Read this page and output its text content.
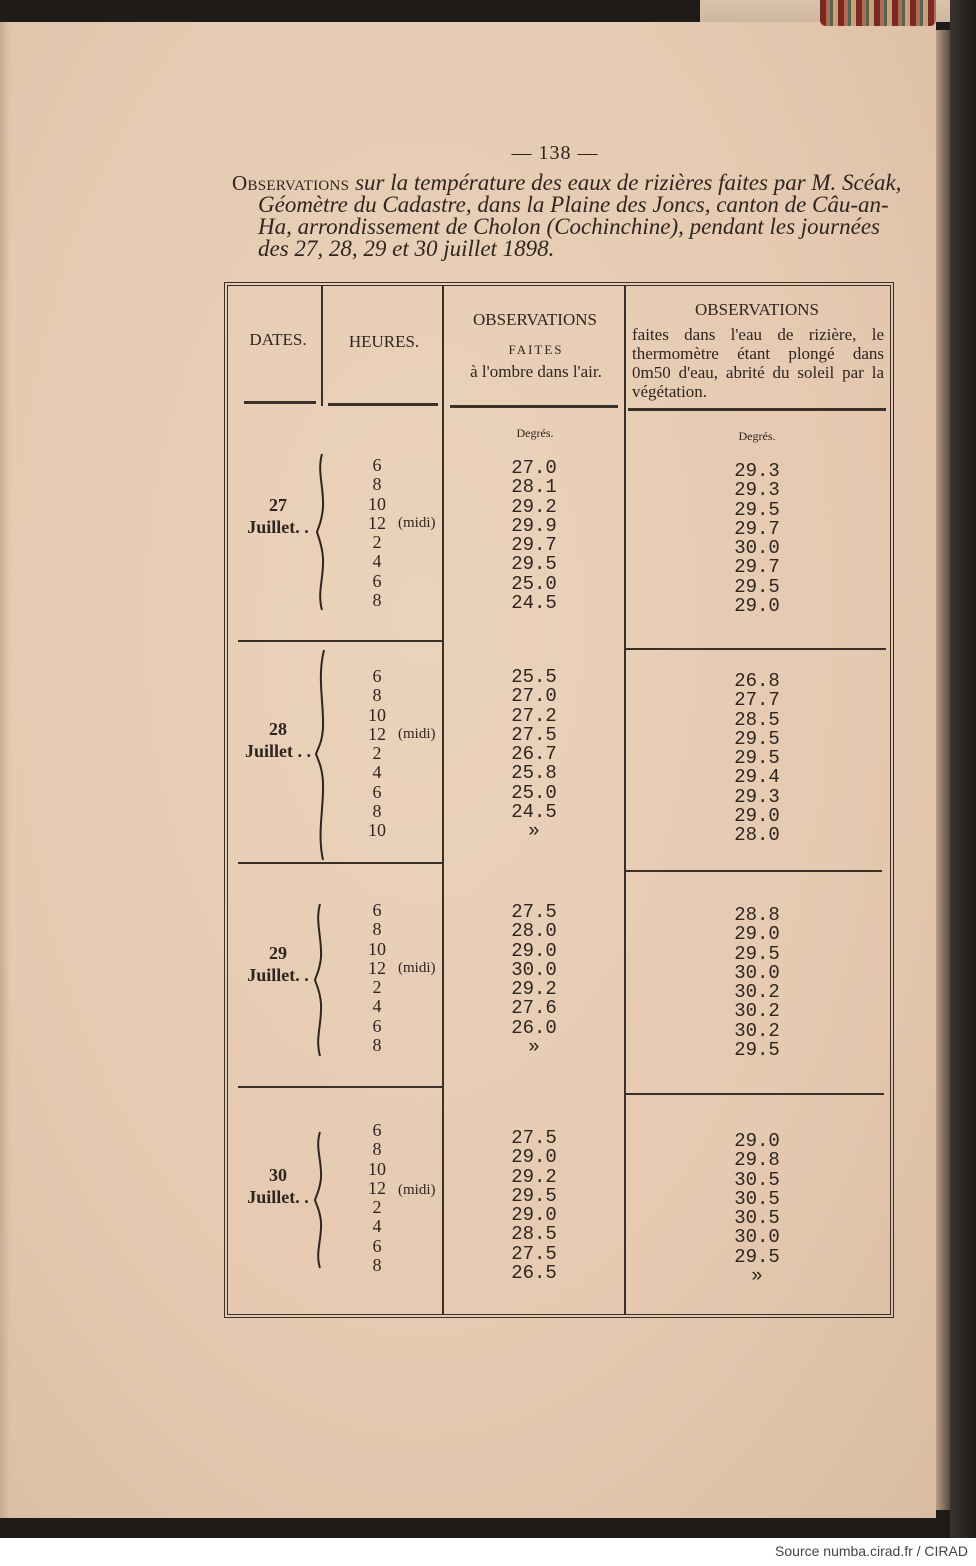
— 138 —
Observations sur la température des eaux de rizières faites par M. Scéak, Géomètre du Cadastre, dans la Plaine des Joncs, canton de Câu-an-Ha, arrondissement de Cholon (Cochinchine), pendant les journées des 27, 28, 29 et 30 juillet 1898.
DATES.	HEURES.
OBSERVATIONS
FAITES
à l'ombre dans l'air.
OBSERVATIONS
faites dans l'eau de rizière, le thermomètre étant plongé dans 0m50 d'eau, abrité du soleil par la végétation.
Degrés.	Degrés.
27
Juillet. .
6
8
10
12
2
4
6
8
(midi)
27.0
28.1
29.2
29.9
29.7
29.5
25.0
24.5
29.3
29.3
29.5
29.7
30.0
29.7
29.5
29.0
28
Juillet . .
6
8
10
12
2
4
6
8
10
(midi)
25.5
27.0
27.2
27.5
26.7
25.8
25.0
24.5
»
26.8
27.7
28.5
29.5
29.5
29.4
29.3
29.0
28.0
29
Juillet. .
6
8
10
12
2
4
6
8
(midi)
27.5
28.0
29.0
30.0
29.2
27.6
26.0
»
28.8
29.0
29.5
30.0
30.2
30.2
30.2
29.5
30
Juillet. .
6
8
10
12
2
4
6
8
(midi)
27.5
29.0
29.2
29.5
29.0
28.5
27.5
26.5
29.0
29.8
30.5
30.5
30.5
30.0
29.5
»
Source numba.cirad.fr / CIRAD
